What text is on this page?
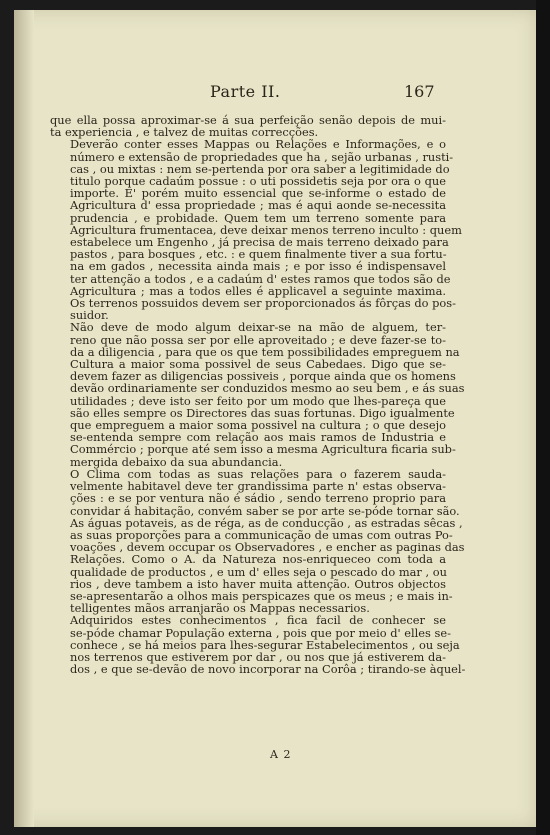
Parte II.	167

que ella possa aproximar-se á sua perfeição senão depois de mui-
ta experiencia , e talvez de muitas correcções.

Deverão conter esses Mappas ou Relações e Informações, e o
número e extensão de propriedades que ha , sejão urbanas , rusti-
cas , ou mixtas : nem se-pertenda por ora saber a legitimidade do
titulo porque cadaúm possue : o uti possidetis seja por ora o que
importe. E' porém muito essencial que se-informe o estado de
Agricultura d' essa propriedade ; mas é aqui aonde se-necessita
prudencia , e probidade. Quem tem um terreno somente para
Agricultura frumentacea, deve deixar menos terreno inculto : quem
estabelece um Engenho , já precisa de mais terreno deixado para
pastos , para bosques , etc. : e quem finalmente tiver a sua fortu-
na em gados , necessita ainda mais ; e por isso é indispensavel
ter attenção a todos , e a cadaúm d' estes ramos que todos são de
Agricultura ; mas a todos elles é applicavel a seguinte maxima.
Os terrenos possuidos devem ser proporcionados ás fôrças do pos-
suidor.

Não deve de modo algum deixar-se na mão de alguem, ter-
reno que não possa ser por elle aproveitado ; e deve fazer-se to-
da a diligencia , para que os que tem possibilidades empreguem na
Cultura a maior soma possivel de seus Cabedaes. Digo que se-
devem fazer as diligencias possiveis , porque ainda que os homens
devão ordinariamente ser conduzidos mesmo ao seu bem , e ás suas
utilidades ; deve isto ser feito por um modo que lhes-pareça que
são elles sempre os Directores das suas fortunas. Digo igualmente
que empreguem a maior soma possivel na cultura ; o que desejo
se-entenda sempre com relação aos mais ramos de Industria e
Commércio ; porque até sem isso a mesma Agricultura ficaria sub-
mergida debaixo da sua abundancia.

O Clima com todas as suas relações para o fazerem sauda-
velmente habitavel deve ter grandissima parte n' estas observa-
ções : e se por ventura não é sádio , sendo terreno proprio para
convidar á habitação, convém saber se por arte se-póde tornar são.
As águas potaveis, as de réga, as de conducção , as estradas sêcas ,
as suas proporções para a communicação de umas com outras Po-
voações , devem occupar os Observadores , e encher as paginas das
Relações. Como o A. da Natureza nos-enriqueceo com toda a
qualidade de productos , e um d' elles seja o pescado do mar , ou
rios , deve tambem a isto haver muita attenção. Outros objectos
se-apresentarão a olhos mais perspicazes que os meus ; e mais in-
telligentes mãos arranjarão os Mappas necessarios.

Adquiridos estes conhecimentos , fica facil de conhecer se
se-póde chamar População externa , pois que por meio d' elles se-
conhece , se há meios para lhes-segurar Estabelecimentos , ou seja
nos terrenos que estiverem por dar , ou nos que já estiverem da-
dos , e que se-devão de novo incorporar na Corôa ; tirando-se àquel-

A 2
